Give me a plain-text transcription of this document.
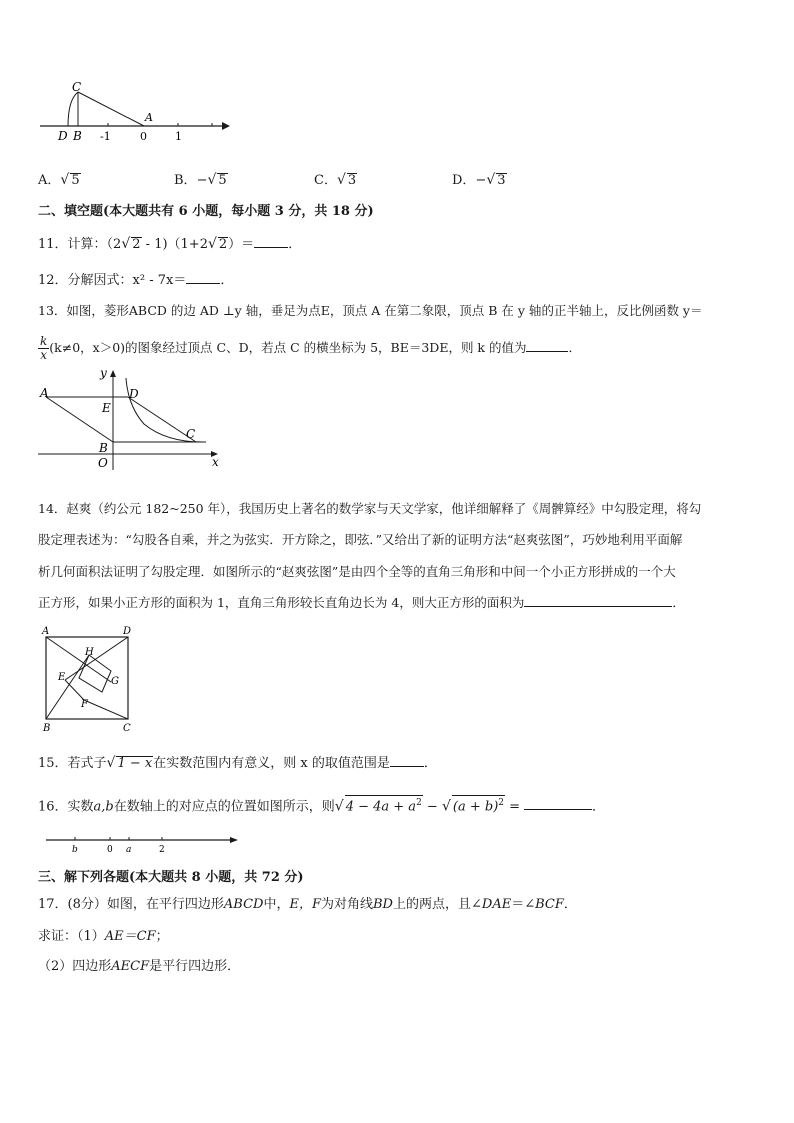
C
A
D B -1	0	1
A．√ 5	B．−√ 5	C．√ 3	D．−√ 3
二、填空题(本大题共有 6 小题，每小题 3 分，共 18 分)
11．计算：（2√ 2 - 1)（1+2√ 2）＝	．
12．分解因式：x² - 7x＝	．
13．如图，菱形ABCD 的边 AD ⊥y 轴，垂足为点E，顶点 A 在第二象限，顶点 B 在 y 轴的正半轴上，反比例函数 y＝
$\frac{k}{x} (k\ne 0$，x＞0)的图象经过顶点 C、D，若点 C 的横坐标为 5，BE＝3DE，则 k 的值为	．
y
A	D
E
C
B
O	x
14．赵爽（约公元 182~250 年），我国历史上著名的数学家与天文学家，他详细解释了《周髀算经》中勾股定理，将勾
股定理表述为：“勾股各自乘，并之为弦实．开方除之，即弦．”又给出了新的证明方法“赵爽弦图”，巧妙地利用平面解
析几何面积法证明了勾股定理．如图所示的“赵爽弦图”是由四个全等的直角三角形和中间一个小正方形拼成的一个大
正方形，如果小正方形的面积为 1，直角三角形较长直角边长为 4，则大正方形的面积为	．
A	D
H
E	G
F
B	C
15．若式子√ 1 − x在实数范围内有意义，则 x 的取值范围是	．
16．实数a,b在数轴上的对应点的位置如图所示，则√ $4 - 4a + a^2$ − √ $(a + b)^2$ =	．
b	0 a	2
三、解下列各题(本大题共 8 小题，共 72 分)
17．(8分）如图，在平行四边形ABCD中，E，F为对角线BD上的两点，且∠DAE＝∠BCF．
求证：（1）AE＝CF；
（2）四边形AECF是平行四边形．
